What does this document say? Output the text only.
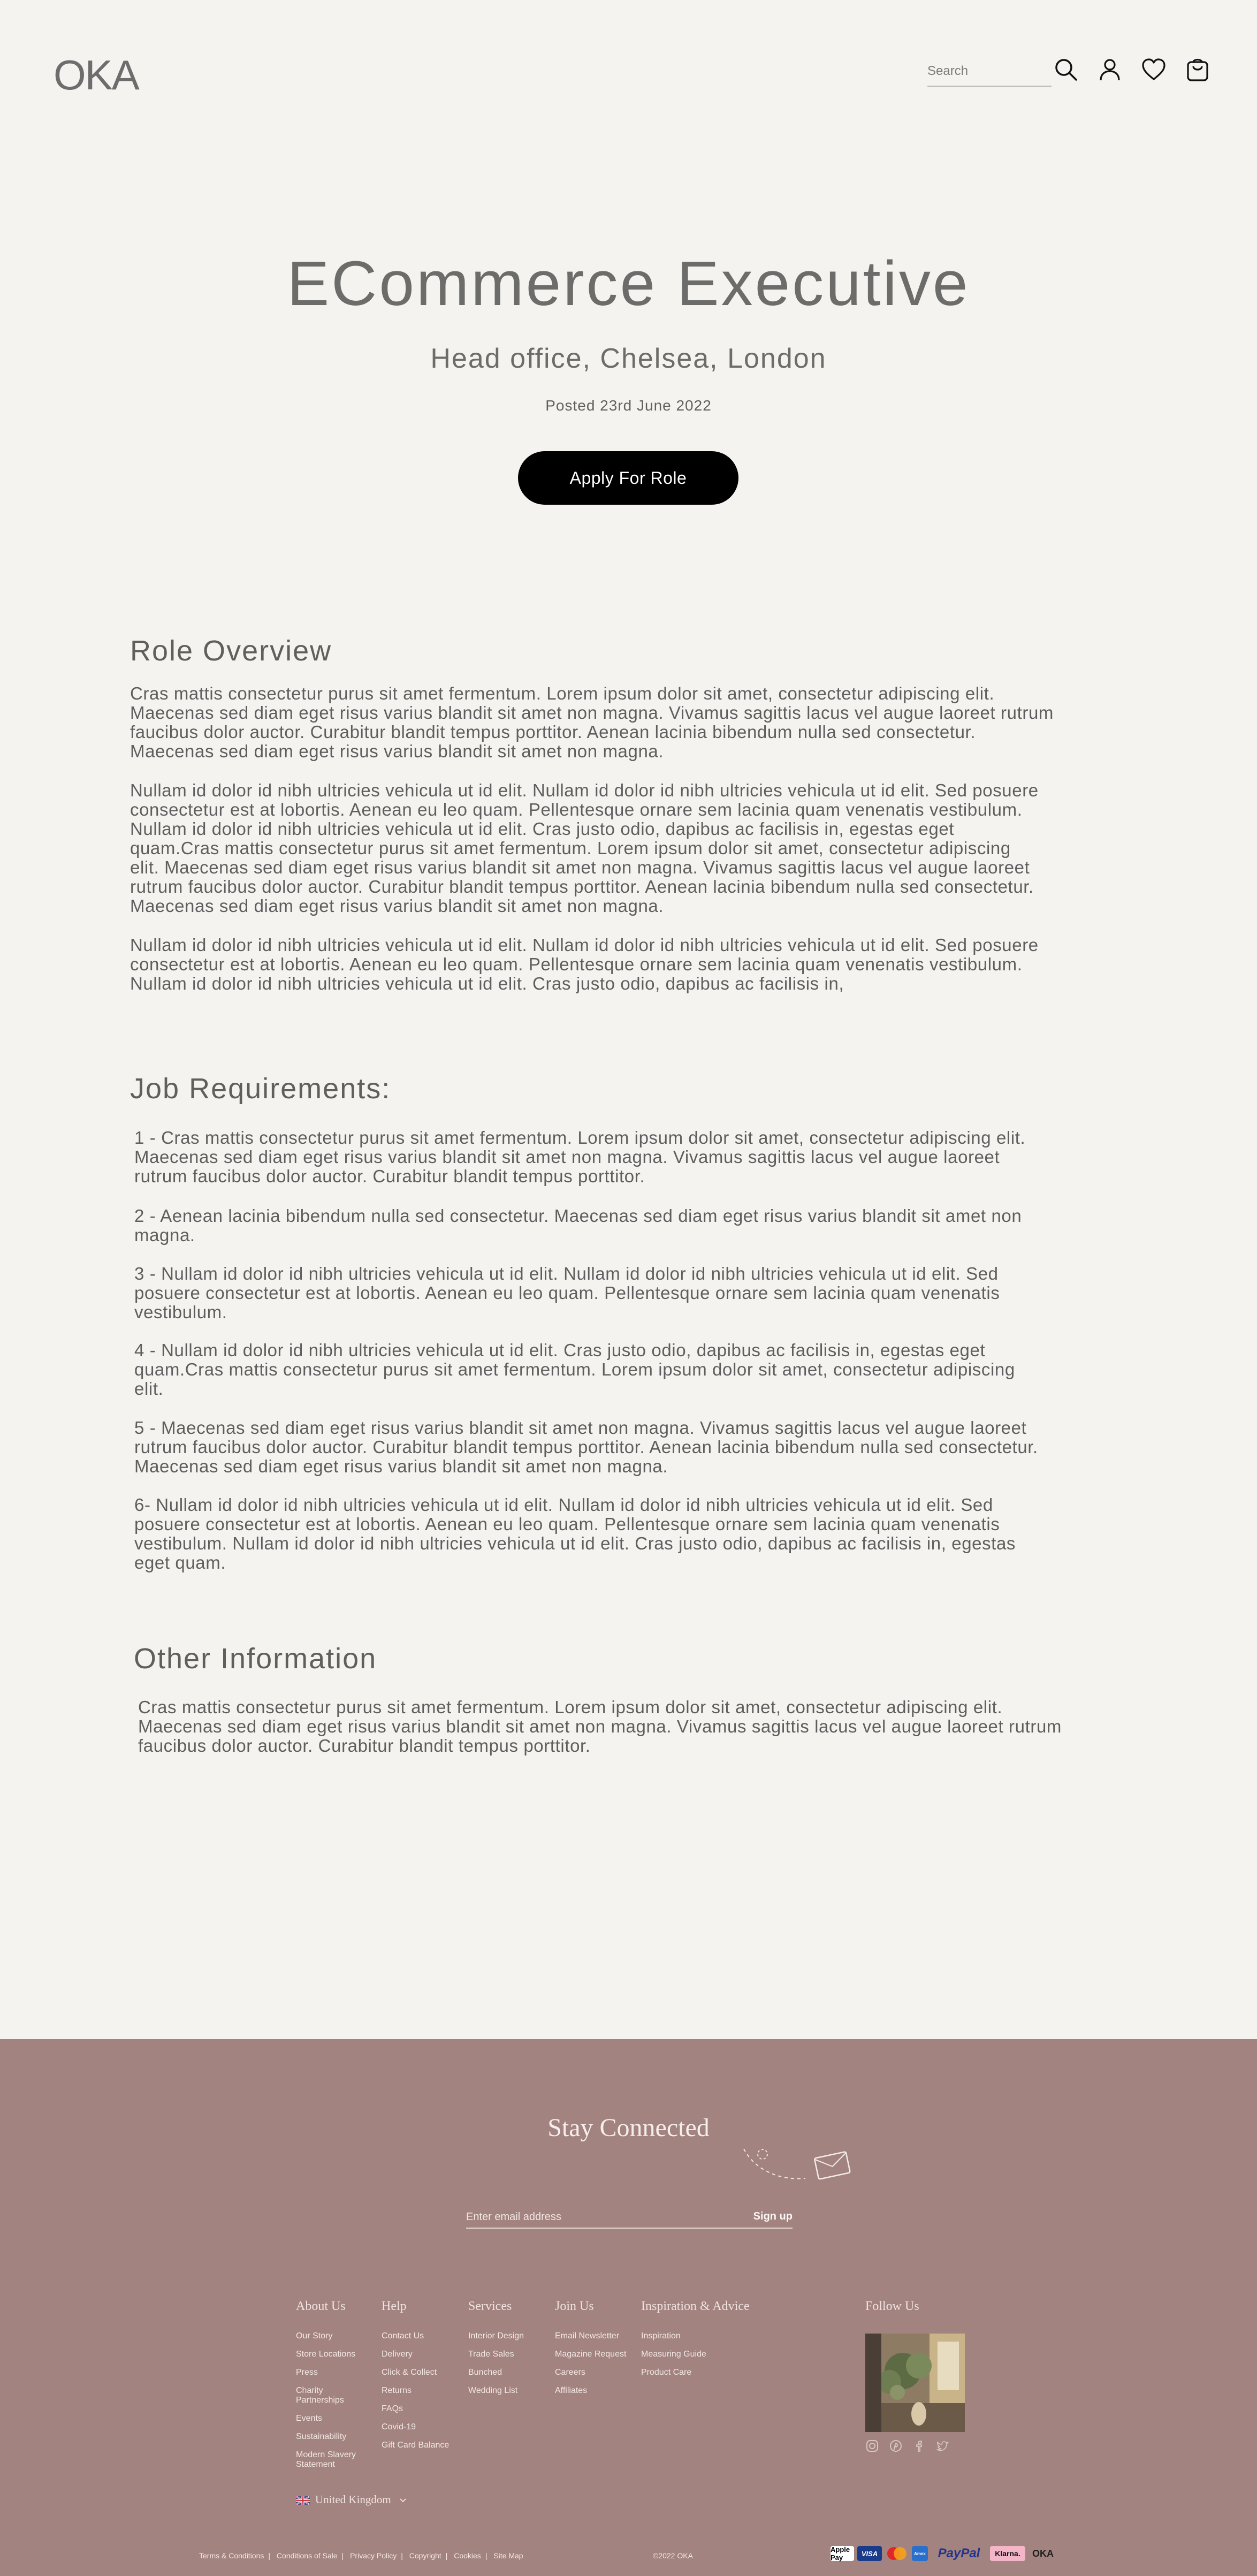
OKA
Search
ECommerce Executive
Head office, Chelsea, London
Posted 23rd June 2022
Apply For Role
Role Overview

Cras mattis consectetur purus sit amet fermentum. Lorem ipsum dolor sit amet, consectetur adipiscing elit. Maecenas sed diam eget risus varius blandit sit amet non magna. Vivamus sagittis lacus vel augue laoreet rutrum faucibus dolor auctor. Curabitur blandit tempus porttitor. Aenean lacinia bibendum nulla sed consectetur. Maecenas sed diam eget risus varius blandit sit amet non magna.

Nullam id dolor id nibh ultricies vehicula ut id elit. Nullam id dolor id nibh ultricies vehicula ut id elit. Sed posuere consectetur est at lobortis. Aenean eu leo quam. Pellentesque ornare sem lacinia quam venenatis vestibulum. Nullam id dolor id nibh ultricies vehicula ut id elit. Cras justo odio, dapibus ac facilisis in, egestas eget quam.Cras mattis consectetur purus sit amet fermentum. Lorem ipsum dolor sit amet, consectetur adipiscing elit. Maecenas sed diam eget risus varius blandit sit amet non magna. Vivamus sagittis lacus vel augue laoreet rutrum faucibus dolor auctor. Curabitur blandit tempus porttitor. Aenean lacinia bibendum nulla sed consectetur. Maecenas sed diam eget risus varius blandit sit amet non magna.

Nullam id dolor id nibh ultricies vehicula ut id elit. Nullam id dolor id nibh ultricies vehicula ut id elit. Sed posuere consectetur est at lobortis. Aenean eu leo quam. Pellentesque ornare sem lacinia quam venenatis vestibulum. Nullam id dolor id nibh ultricies vehicula ut id elit. Cras justo odio, dapibus ac facilisis in,

Job Requirements:

1 - Cras mattis consectetur purus sit amet fermentum. Lorem ipsum dolor sit amet, consectetur adipiscing elit. Maecenas sed diam eget risus varius blandit sit amet non magna. Vivamus sagittis lacus vel augue laoreet rutrum faucibus dolor auctor. Curabitur blandit tempus porttitor.

2 - Aenean lacinia bibendum nulla sed consectetur. Maecenas sed diam eget risus varius blandit sit amet non magna.

3 - Nullam id dolor id nibh ultricies vehicula ut id elit. Nullam id dolor id nibh ultricies vehicula ut id elit. Sed posuere consectetur est at lobortis. Aenean eu leo quam. Pellentesque ornare sem lacinia quam venenatis vestibulum.

4 - Nullam id dolor id nibh ultricies vehicula ut id elit. Cras justo odio, dapibus ac facilisis in, egestas eget quam.Cras mattis consectetur purus sit amet fermentum. Lorem ipsum dolor sit amet, consectetur adipiscing elit.

5 - Maecenas sed diam eget risus varius blandit sit amet non magna. Vivamus sagittis lacus vel augue laoreet rutrum faucibus dolor auctor. Curabitur blandit tempus porttitor. Aenean lacinia bibendum nulla sed consectetur. Maecenas sed diam eget risus varius blandit sit amet non magna.

6- Nullam id dolor id nibh ultricies vehicula ut id elit. Nullam id dolor id nibh ultricies vehicula ut id elit. Sed posuere consectetur est at lobortis. Aenean eu leo quam. Pellentesque ornare sem lacinia quam venenatis vestibulum. Nullam id dolor id nibh ultricies vehicula ut id elit. Cras justo odio, dapibus ac facilisis in, egestas eget quam.

Other Information

Cras mattis consectetur purus sit amet fermentum. Lorem ipsum dolor sit amet, consectetur adipiscing elit. Maecenas sed diam eget risus varius blandit sit amet non magna. Vivamus sagittis lacus vel augue laoreet rutrum faucibus dolor auctor. Curabitur blandit tempus porttitor.

Stay Connected
Enter email address
Sign up
About Us
Our Story
Store Locations
Press
Charity Partnerships
Events
Sustainability
Modern Slavery Statement
Help
Contact Us
Delivery
Click & Collect
Returns
FAQs
Covid-19
Gift Card Balance
Services
Interior Design
Trade Sales
Bunched
Wedding List
Join Us
Email Newsletter
Magazine Request
Careers
Affiliates
Inspiration & Advice
Inspiration
Measuring Guide
Product Care
Follow Us
United Kingdom
Terms & Conditions | Conditions of Sale | Privacy Policy | Copyright | Cookies | Site Map	©2022 OKA
Apple Pay	VISA	Amex PayPal	Klarna.	OKA
